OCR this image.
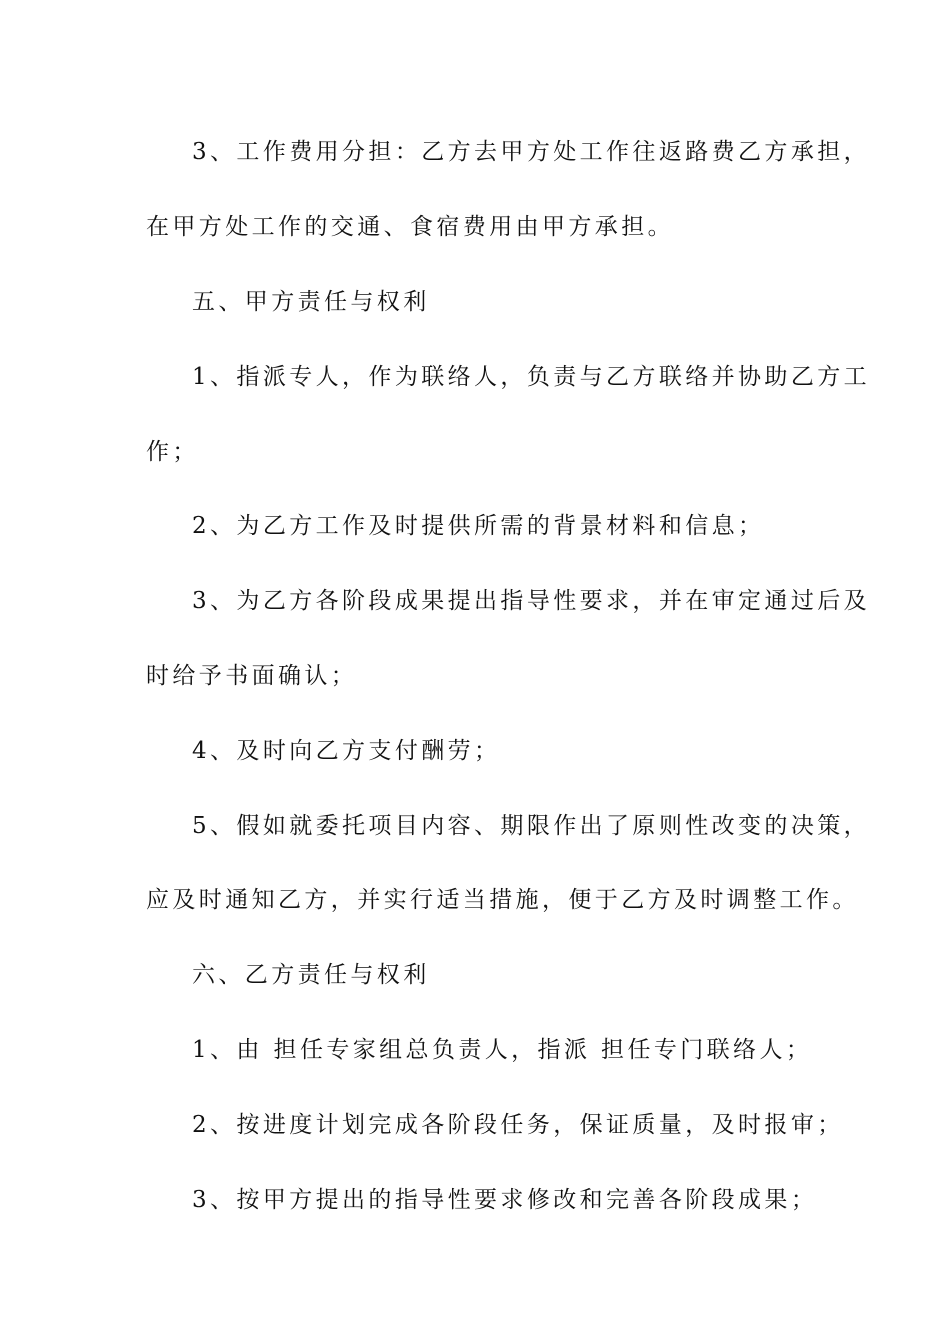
3、工作费用分担：乙方去甲方处工作往返路费乙方承担，
在甲方处工作的交通、食宿费用由甲方承担。
五、甲方责任与权利
1、指派专人，作为联络人，负责与乙方联络并协助乙方工
作；
2、为乙方工作及时提供所需的背景材料和信息；
3、为乙方各阶段成果提出指导性要求，并在审定通过后及
时给予书面确认；
4、及时向乙方支付酬劳；
5、假如就委托项目内容、期限作出了原则性改变的决策，
应及时通知乙方，并实行适当措施，便于乙方及时调整工作。
六、乙方责任与权利
1、由 担任专家组总负责人，指派 担任专门联络人；
2、按进度计划完成各阶段任务，保证质量，及时报审；
3、按甲方提出的指导性要求修改和完善各阶段成果；
